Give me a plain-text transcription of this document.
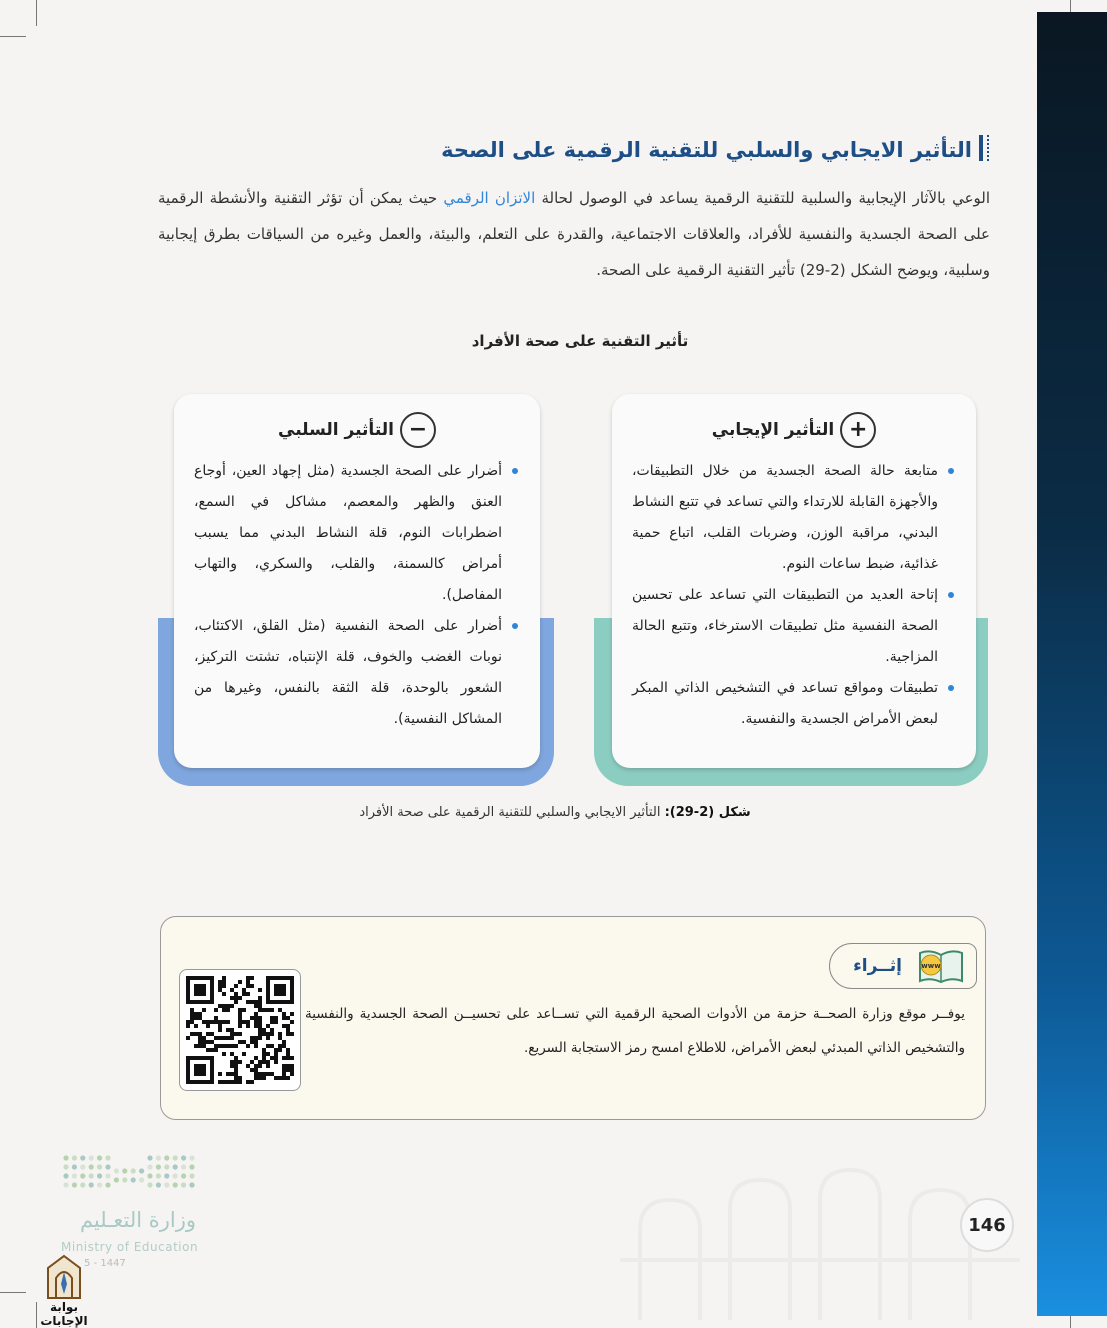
التأثير الايجابي والسلبي للتقنية الرقمية على الصحة

الوعي بالآثار الإيجابية والسلبية للتقنية الرقمية يساعد في الوصول لحالة الاتزان الرقمي حيث يمكن أن تؤثر التقنية والأنشطة الرقمية على الصحة الجسدية والنفسية للأفراد، والعلاقات الاجتماعية، والقدرة على التعلم، والبيئة، والعمل وغيره من السياقات بطرق إيجابية وسلبية، ويوضح الشكل (2-29) تأثير التقنية الرقمية على الصحة.

تأثير التقنية على صحة الأفراد
+
التأثير الإيجابي
متابعة حالة الصحة الجسدية من خلال التطبيقات، والأجهزة القابلة للارتداء والتي تساعد في تتبع النشاط البدني، مراقبة الوزن، وضربات القلب، اتباع حمية غذائية، ضبط ساعات النوم.
إتاحة العديد من التطبيقات التي تساعد على تحسين الصحة النفسية مثل تطبيقات الاسترخاء، وتتبع الحالة المزاجية.
تطبيقات ومواقع تساعد في التشخيص الذاتي المبكر لبعض الأمراض الجسدية والنفسية.
−
التأثير السلبي
أضرار على الصحة الجسدية (مثل إجهاد العين، أوجاع العنق والظهر والمعصم، مشاكل في السمع، اضطرابات النوم، قلة النشاط البدني مما يسبب أمراض كالسمنة، والقلب، والسكري، والتهاب المفاصل).
أضرار على الصحة النفسية (مثل القلق، الاكتئاب، نوبات الغضب والخوف، قلة الإنتباه، تشتت التركيز، الشعور بالوحدة، قلة الثقة بالنفس، وغيرها من المشاكل النفسية).
شكل (2-29): التأثير الايجابي والسلبي للتقنية الرقمية على صحة الأفراد
إثــراء	www

يوفــر موقع وزارة الصحــة حزمة من الأدوات الصحية الرقمية التي تســاعد على تحسيــن الصحة الجسدية والنفسية والتشخيص الذاتي المبدئي لبعض الأمراض، للاطلاع امسح رمز الاستجابة السريع.

146
وزارة التعـليم
Ministry of Education
5 - 1447
بوابة الإجابات
